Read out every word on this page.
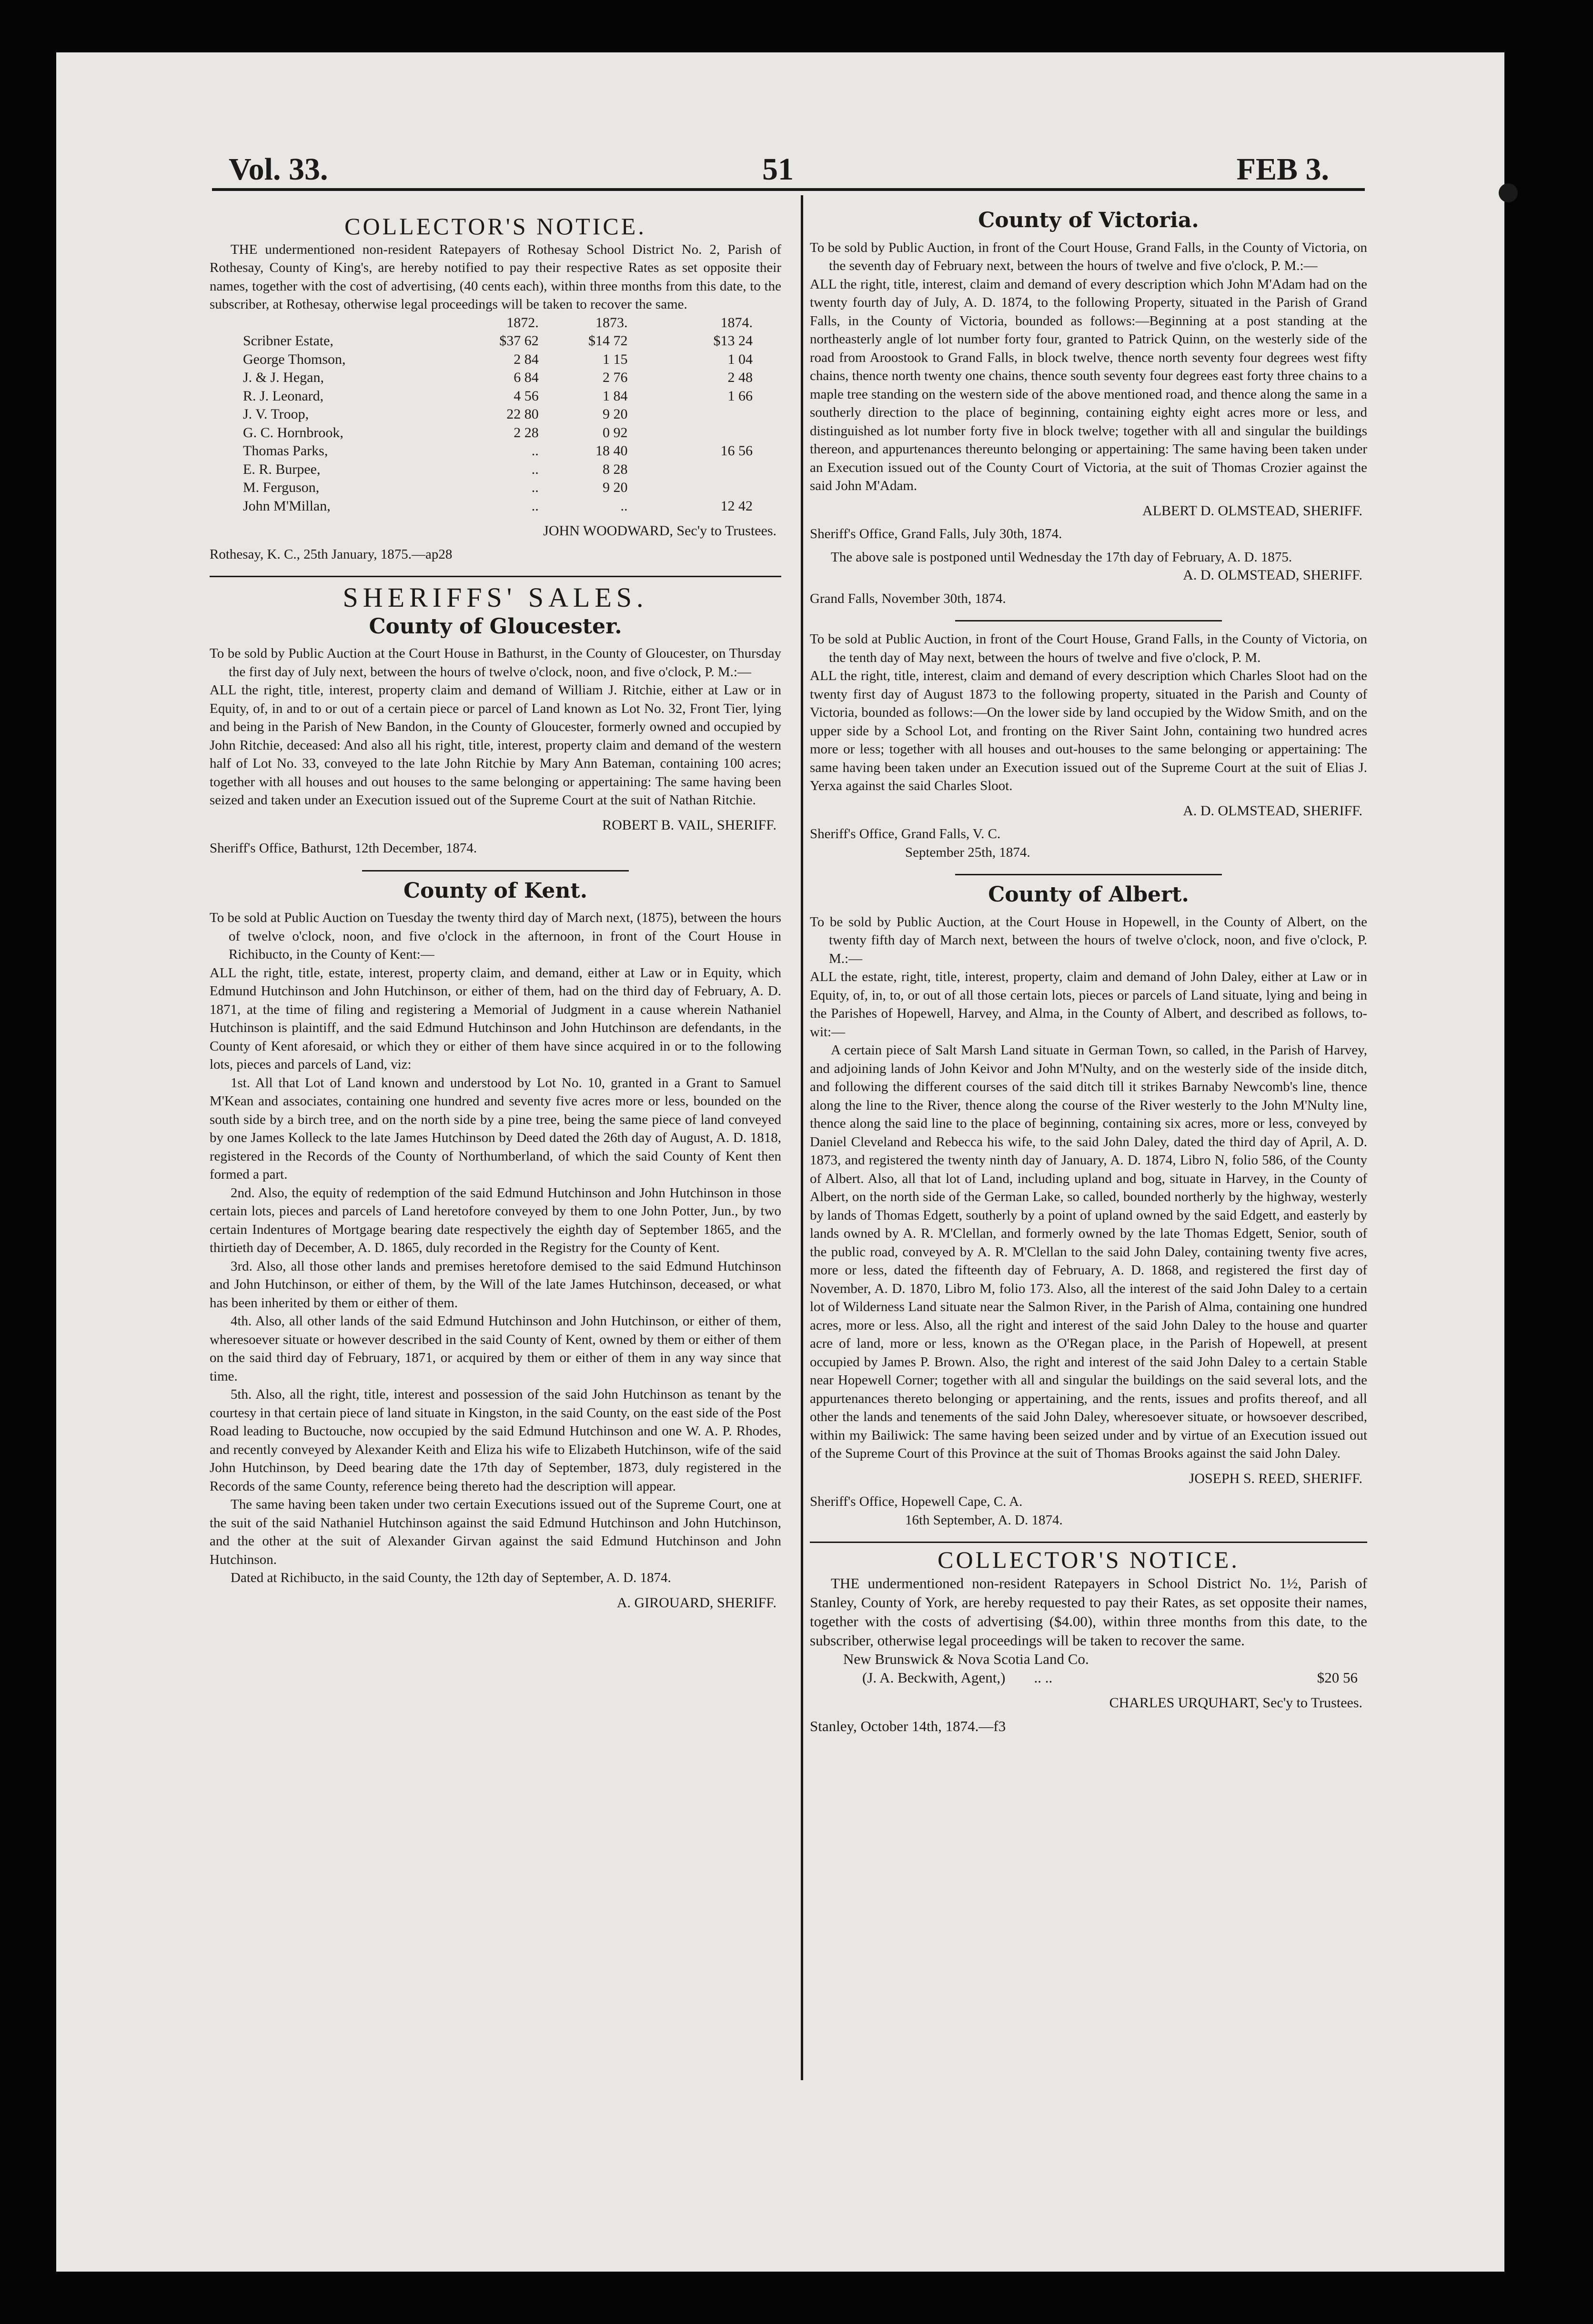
Vol. 33.	51	FEB 3.
COLLECTOR'S NOTICE.

THE undermentioned non-resident Ratepayers of Rothesay School District No. 2, Parish of Rothesay, County of King's, are hereby notified to pay their respective Rates as set opposite their names, together with the cost of advertising, (40 cents each), within three months from this date, to the subscriber, at Rothesay, otherwise legal proceedings will be taken to recover the same.

	1872.	1873.	1874.
Scribner Estate,	$37 62	$14 72	$13 24
George Thomson,	2 84	1 15	1 04
J. & J. Hegan,	6 84	2 76	2 48
R. J. Leonard,	4 56	1 84	1 66
J. V. Troop,	22 80	9 20	
G. C. Hornbrook,	2 28	0 92	
Thomas Parks,	..	18 40	16 56
E. R. Burpee,	..	8 28	
M. Ferguson,	..	9 20	
John M'Millan,	..	..	12 42
JOHN WOODWARD, Sec'y to Trustees.

Rothesay, K. C., 25th January, 1875.—ap28

SHERIFFS' SALES.
County of Gloucester.

To be sold by Public Auction at the Court House in Bathurst, in the County of Gloucester, on Thursday the first day of July next, between the hours of twelve o'clock, noon, and five o'clock, P. M.:—

ALL the right, title, interest, property claim and demand of William J. Ritchie, either at Law or in Equity, of, in and to or out of a certain piece or parcel of Land known as Lot No. 32, Front Tier, lying and being in the Parish of New Bandon, in the County of Gloucester, formerly owned and occupied by John Ritchie, deceased: And also all his right, title, interest, property claim and demand of the western half of Lot No. 33, conveyed to the late John Ritchie by Mary Ann Bateman, containing 100 acres; together with all houses and out houses to the same belonging or appertaining: The same having been seized and taken under an Execution issued out of the Supreme Court at the suit of Nathan Ritchie.

ROBERT B. VAIL, SHERIFF.

Sheriff's Office, Bathurst, 12th December, 1874.

County of Kent.

To be sold at Public Auction on Tuesday the twenty third day of March next, (1875), between the hours of twelve o'clock, noon, and five o'clock in the afternoon, in front of the Court House in Richibucto, in the County of Kent:—

ALL the right, title, estate, interest, property claim, and demand, either at Law or in Equity, which Edmund Hutchinson and John Hutchinson, or either of them, had on the third day of February, A. D. 1871, at the time of filing and registering a Memorial of Judgment in a cause wherein Nathaniel Hutchinson is plaintiff, and the said Edmund Hutchinson and John Hutchinson are defendants, in the County of Kent aforesaid, or which they or either of them have since acquired in or to the following lots, pieces and parcels of Land, viz:

1st. All that Lot of Land known and understood by Lot No. 10, granted in a Grant to Samuel M'Kean and associates, containing one hundred and seventy five acres more or less, bounded on the south side by a birch tree, and on the north side by a pine tree, being the same piece of land conveyed by one James Kolleck to the late James Hutchinson by Deed dated the 26th day of August, A. D. 1818, registered in the Records of the County of Northumberland, of which the said County of Kent then formed a part.

2nd. Also, the equity of redemption of the said Edmund Hutchinson and John Hutchinson in those certain lots, pieces and parcels of Land heretofore conveyed by them to one John Potter, Jun., by two certain Indentures of Mortgage bearing date respectively the eighth day of September 1865, and the thirtieth day of December, A. D. 1865, duly recorded in the Registry for the County of Kent.

3rd. Also, all those other lands and premises heretofore demised to the said Edmund Hutchinson and John Hutchinson, or either of them, by the Will of the late James Hutchinson, deceased, or what has been inherited by them or either of them.

4th. Also, all other lands of the said Edmund Hutchinson and John Hutchinson, or either of them, wheresoever situate or however described in the said County of Kent, owned by them or either of them on the said third day of February, 1871, or acquired by them or either of them in any way since that time.

5th. Also, all the right, title, interest and possession of the said John Hutchinson as tenant by the courtesy in that certain piece of land situate in Kingston, in the said County, on the east side of the Post Road leading to Buctouche, now occupied by the said Edmund Hutchinson and one W. A. P. Rhodes, and recently conveyed by Alexander Keith and Eliza his wife to Elizabeth Hutchinson, wife of the said John Hutchinson, by Deed bearing date the 17th day of September, 1873, duly registered in the Records of the same County, reference being thereto had the description will appear.

The same having been taken under two certain Executions issued out of the Supreme Court, one at the suit of the said Nathaniel Hutchinson against the said Edmund Hutchinson and John Hutchinson, and the other at the suit of Alexander Girvan against the said Edmund Hutchinson and John Hutchinson.

Dated at Richibucto, in the said County, the 12th day of September, A. D. 1874.

A. GIROUARD, SHERIFF.
County of Victoria.

To be sold by Public Auction, in front of the Court House, Grand Falls, in the County of Victoria, on the seventh day of February next, between the hours of twelve and five o'clock, P. M.:—

ALL the right, title, interest, claim and demand of every description which John M'Adam had on the twenty fourth day of July, A. D. 1874, to the following Property, situated in the Parish of Grand Falls, in the County of Victoria, bounded as follows:—Beginning at a post standing at the northeasterly angle of lot number forty four, granted to Patrick Quinn, on the westerly side of the road from Aroostook to Grand Falls, in block twelve, thence north seventy four degrees west fifty chains, thence north twenty one chains, thence south seventy four degrees east forty three chains to a maple tree standing on the western side of the above mentioned road, and thence along the same in a southerly direction to the place of beginning, containing eighty eight acres more or less, and distinguished as lot number forty five in block twelve; together with all and singular the buildings thereon, and appurtenances thereunto belonging or appertaining: The same having been taken under an Execution issued out of the County Court of Victoria, at the suit of Thomas Crozier against the said John M'Adam.

ALBERT D. OLMSTEAD, SHERIFF.

Sheriff's Office, Grand Falls, July 30th, 1874.

The above sale is postponed until Wednesday the 17th day of February, A. D. 1875.

A. D. OLMSTEAD, SHERIFF.

Grand Falls, November 30th, 1874.

To be sold at Public Auction, in front of the Court House, Grand Falls, in the County of Victoria, on the tenth day of May next, between the hours of twelve and five o'clock, P. M.

ALL the right, title, interest, claim and demand of every description which Charles Sloot had on the twenty first day of August 1873 to the following property, situated in the Parish and County of Victoria, bounded as follows:—On the lower side by land occupied by the Widow Smith, and on the upper side by a School Lot, and fronting on the River Saint John, containing two hundred acres more or less; together with all houses and out-houses to the same belonging or appertaining: The same having been taken under an Execution issued out of the Supreme Court at the suit of Elias J. Yerxa against the said Charles Sloot.

A. D. OLMSTEAD, SHERIFF.

Sheriff's Office, Grand Falls, V. C.

September 25th, 1874.

County of Albert.

To be sold by Public Auction, at the Court House in Hopewell, in the County of Albert, on the twenty fifth day of March next, between the hours of twelve o'clock, noon, and five o'clock, P. M.:—

ALL the estate, right, title, interest, property, claim and demand of John Daley, either at Law or in Equity, of, in, to, or out of all those certain lots, pieces or parcels of Land situate, lying and being in the Parishes of Hopewell, Harvey, and Alma, in the County of Albert, and described as follows, to-wit:—

A certain piece of Salt Marsh Land situate in German Town, so called, in the Parish of Harvey, and adjoining lands of John Keivor and John M'Nulty, and on the westerly side of the inside ditch, and following the different courses of the said ditch till it strikes Barnaby Newcomb's line, thence along the line to the River, thence along the course of the River westerly to the John M'Nulty line, thence along the said line to the place of beginning, containing six acres, more or less, conveyed by Daniel Cleveland and Rebecca his wife, to the said John Daley, dated the third day of April, A. D. 1873, and registered the twenty ninth day of January, A. D. 1874, Libro N, folio 586, of the County of Albert. Also, all that lot of Land, including upland and bog, situate in Harvey, in the County of Albert, on the north side of the German Lake, so called, bounded northerly by the highway, westerly by lands of Thomas Edgett, southerly by a point of upland owned by the said Edgett, and easterly by lands owned by A. R. M'Clellan, and formerly owned by the late Thomas Edgett, Senior, south of the public road, conveyed by A. R. M'Clellan to the said John Daley, containing twenty five acres, more or less, dated the fifteenth day of February, A. D. 1868, and registered the first day of November, A. D. 1870, Libro M, folio 173. Also, all the interest of the said John Daley to a certain lot of Wilderness Land situate near the Salmon River, in the Parish of Alma, containing one hundred acres, more or less. Also, all the right and interest of the said John Daley to the house and quarter acre of land, more or less, known as the O'Regan place, in the Parish of Hopewell, at present occupied by James P. Brown. Also, the right and interest of the said John Daley to a certain Stable near Hopewell Corner; together with all and singular the buildings on the said several lots, and the appurtenances thereto belonging or appertaining, and the rents, issues and profits thereof, and all other the lands and tenements of the said John Daley, wheresoever situate, or howsoever described, within my Bailiwick: The same having been seized under and by virtue of an Execution issued out of the Supreme Court of this Province at the suit of Thomas Brooks against the said John Daley.

JOSEPH S. REED, SHERIFF.

Sheriff's Office, Hopewell Cape, C. A.

16th September, A. D. 1874.

COLLECTOR'S NOTICE.

THE undermentioned non-resident Ratepayers in School District No. 1½, Parish of Stanley, County of York, are hereby requested to pay their Rates, as set opposite their names, together with the costs of advertising ($4.00), within three months from this date, to the subscriber, otherwise legal proceedings will be taken to recover the same.

New Brunswick & Nova Scotia Land Co.

(J. A. Beckwith, Agent,) .. ..	$20 56
CHARLES URQUHART, Sec'y to Trustees.

Stanley, October 14th, 1874.—f3
